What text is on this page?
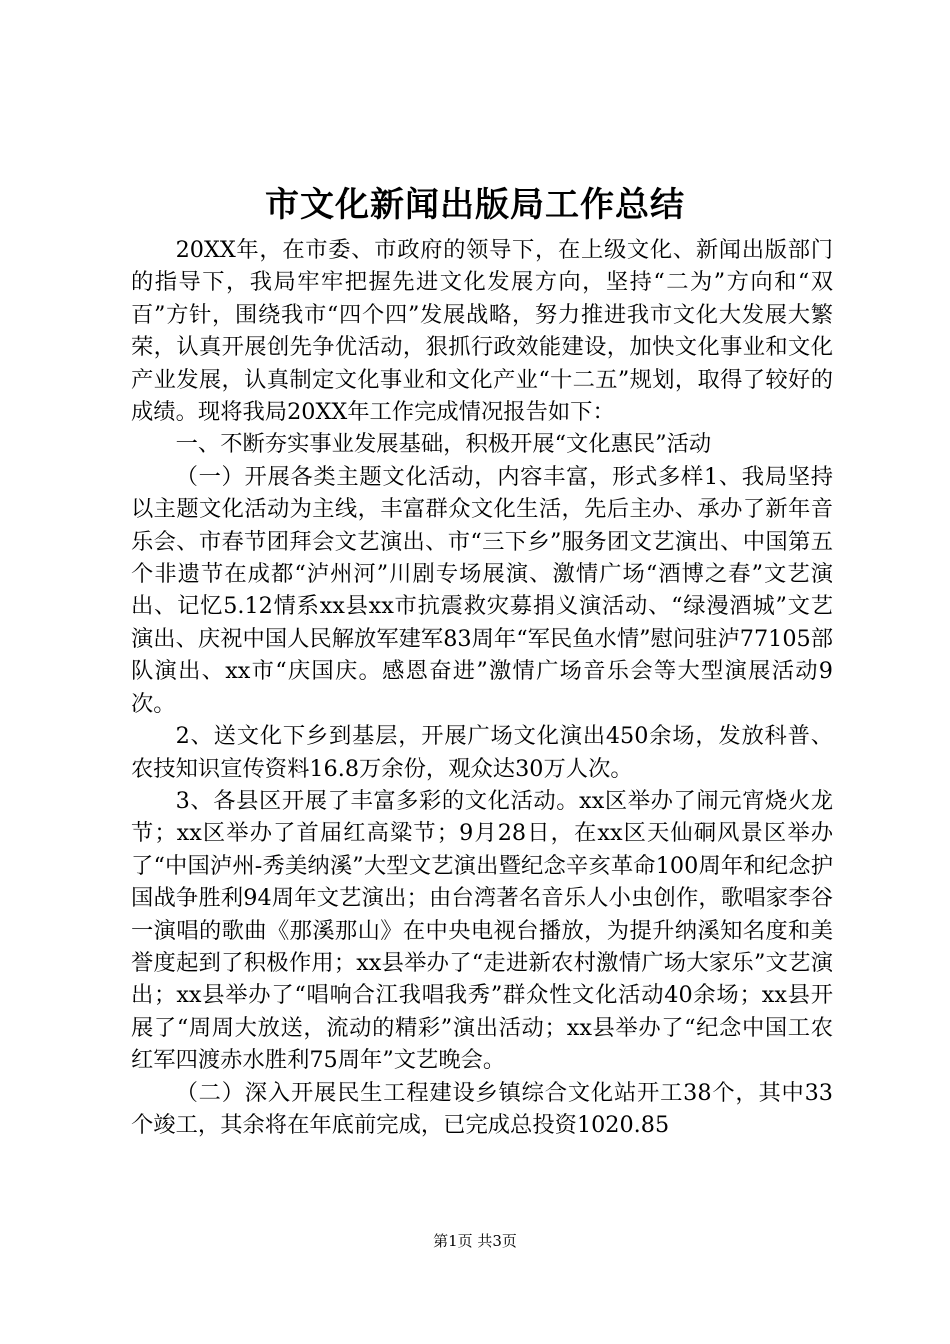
市文化新闻出版局工作总结

20XX年，在市委、市政府的领导下，在上级文化、新闻出版部门的指导下，我局牢牢把握先进文化发展方向，坚持“二为”方向和“双百”方针，围绕我市“四个四”发展战略，努力推进我市文化大发展大繁荣，认真开展创先争优活动，狠抓行政效能建设，加快文化事业和文化产业发展，认真制定文化事业和文化产业“十二五”规划，取得了较好的成绩。现将我局20XX年工作完成情况报告如下：

一、不断夯实事业发展基础，积极开展“文化惠民”活动

（一）开展各类主题文化活动，内容丰富，形式多样1、我局坚持以主题文化活动为主线，丰富群众文化生活，先后主办、承办了新年音乐会、市春节团拜会文艺演出、市“三下乡”服务团文艺演出、中国第五个非遗节在成都“泸州河”川剧专场展演、激情广场“酒博之春”文艺演出、记忆5.12情系xx县xx市抗震救灾募捐义演活动、“绿漫酒城”文艺演出、庆祝中国人民解放军建军83周年“军民鱼水情”慰问驻泸77105部队演出、xx市“庆国庆。感恩奋进”激情广场音乐会等大型演展活动9次。

2、送文化下乡到基层，开展广场文化演出450余场，发放科普、农技知识宣传资料16.8万余份，观众达30万人次。

3、各县区开展了丰富多彩的文化活动。xx区举办了闹元宵烧火龙节；xx区举办了首届红高粱节；9月28日，在xx区天仙硐风景区举办了“中国泸州-秀美纳溪”大型文艺演出暨纪念辛亥革命100周年和纪念护国战争胜利94周年文艺演出；由台湾著名音乐人小虫创作，歌唱家李谷一演唱的歌曲《那溪那山》在中央电视台播放，为提升纳溪知名度和美誉度起到了积极作用；xx县举办了“走进新农村激情广场大家乐”文艺演出；xx县举办了“唱响合江我唱我秀”群众性文化活动40余场；xx县开展了“周周大放送，流动的精彩”演出活动；xx县举办了“纪念中国工农红军四渡赤水胜利75周年”文艺晚会。

（二）深入开展民生工程建设乡镇综合文化站开工38个，其中33个竣工，其余将在年底前完成，已完成总投资1020.85

第1页 共3页
